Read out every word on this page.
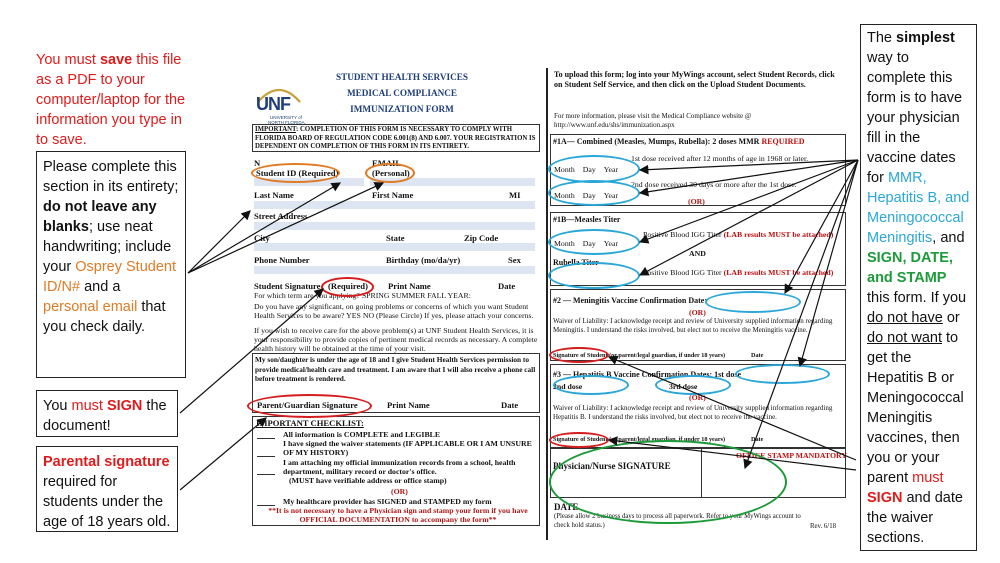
You must save this file as a PDF to your computer/laptop for the information you type in to save.
Please complete this section in its entirety; do not leave any blanks; use neat handwriting; include your Osprey Student ID/N# and a personal email that you check daily.
You must SIGN the document!
Parental signature required for students under the age of 18 years old.
The simplest way to complete this form is to have your physician fill in the vaccine dates for MMR, Hepatitis B, and Meningococcal Meningitis, and SIGN, DATE, and STAMP this form. If you do not have or do not want to get the Hepatitis B or Meningococcal Meningitis vaccines, then you or your parent must SIGN and date the waiver sections.
UNF
UNIVERSITY of
NORTH FLORIDA.
STUDENT HEALTH SERVICES
MEDICAL COMPLIANCE
IMMUNIZATION FORM
IMPORTANT: COMPLETION OF THIS FORM IS NECESSARY TO COMPLY WITH FLORIDA BOARD OF REGULATION CODE 6.001(8) AND 6.007. YOUR REGISTRATION IS DEPENDENT ON COMPLETION OF THIS FORM IN ITS ENTIRETY.
N	EMAIL
Student ID (Required)	(Personal)
Last Name	First Name	MI
Street Address
City	State	Zip Code
Phone Number	Birthday (mo/da/yr)	Sex
Student Signature (Required) Print Name	Date
For which term are you applying? SPRING SUMMER FALL YEAR:
Do you have any significant, on going problems or concerns of which you want Student Health Services to be aware? YES NO (Please Circle) If yes, please attach your concerns.
If you wish to receive care for the above problem(s) at UNF Student Health Services, it is your responsibility to provide copies of pertinent medical records as necessary. A complete health history will be obtained at the time of your visit.
My son/daughter is under the age of 18 and I give Student Health Services permission to provide medical/health care and treatment. I am aware that I will also receive a phone call before treatment is rendered.
Parent/Guardian Signature	Print Name	Date
IMPORTANT CHECKLIST:
All information is COMPLETE and LEGIBLE
I have signed the waiver statements (IF APPLICABLE OR I AM UNSURE OF MY HISTORY)
I am attaching my official immunization records from a school, health department, military record or doctor's office.
(MUST have verifiable address or office stamp)
(OR)
My healthcare provider has SIGNED and STAMPED my form
**It is not necessary to have a Physician sign and stamp your form if you have OFFICIAL DOCUMENTATION to accompany the form**
To upload this form; log into your MyWings account, select Student Records, click on Student Self Service, and then click on the Upload Student Documents.
For more information, please visit the Medical Compliance website @
http://www.unf.edu/shs/immunization.aspx
#1A— Combined (Measles, Mumps, Rubella): 2 doses MMR REQUIRED
1st dose received after 12 months of age in 1968 or later.
2nd dose received 30 days or more after the 1st dose.
(OR)
Month Day Year
Month Day Year
#1B—Measles Titer
Positive Blood IGG Titer (LAB results MUST be attached)
AND
Rubella Titer
Positive Blood IGG Titer (LAB results MUST be attached)
Month Day Year
#2 — Meningitis Vaccine Confirmation Date:
(OR)
Waiver of Liability: I acknowledge receipt and review of University supplied information regarding Meningitis. I understand the risks involved, but elect not to receive the Meningitis vaccine.
Signature of Student (or parent/legal guardian, if under 18 years)	Date
#3 — Hepatitis B Vaccine Confirmation Dates: 1st dose
2nd dose	3rd dose
(OR)
Waiver of Liability: I acknowledge receipt and review of University supplied information regarding Hepatitis B. I understand the risks involved, but elect not to receive the vaccine.
Signature of Student (or parent/legal guardian, if under 18 years)	Date
Physician/Nurse SIGNATURE
OFFICE STAMP MANDATORY
DATE
(Please allow 2 business days to process all paperwork. Refer to your MyWings account to check hold status.)	Rev. 6/18
